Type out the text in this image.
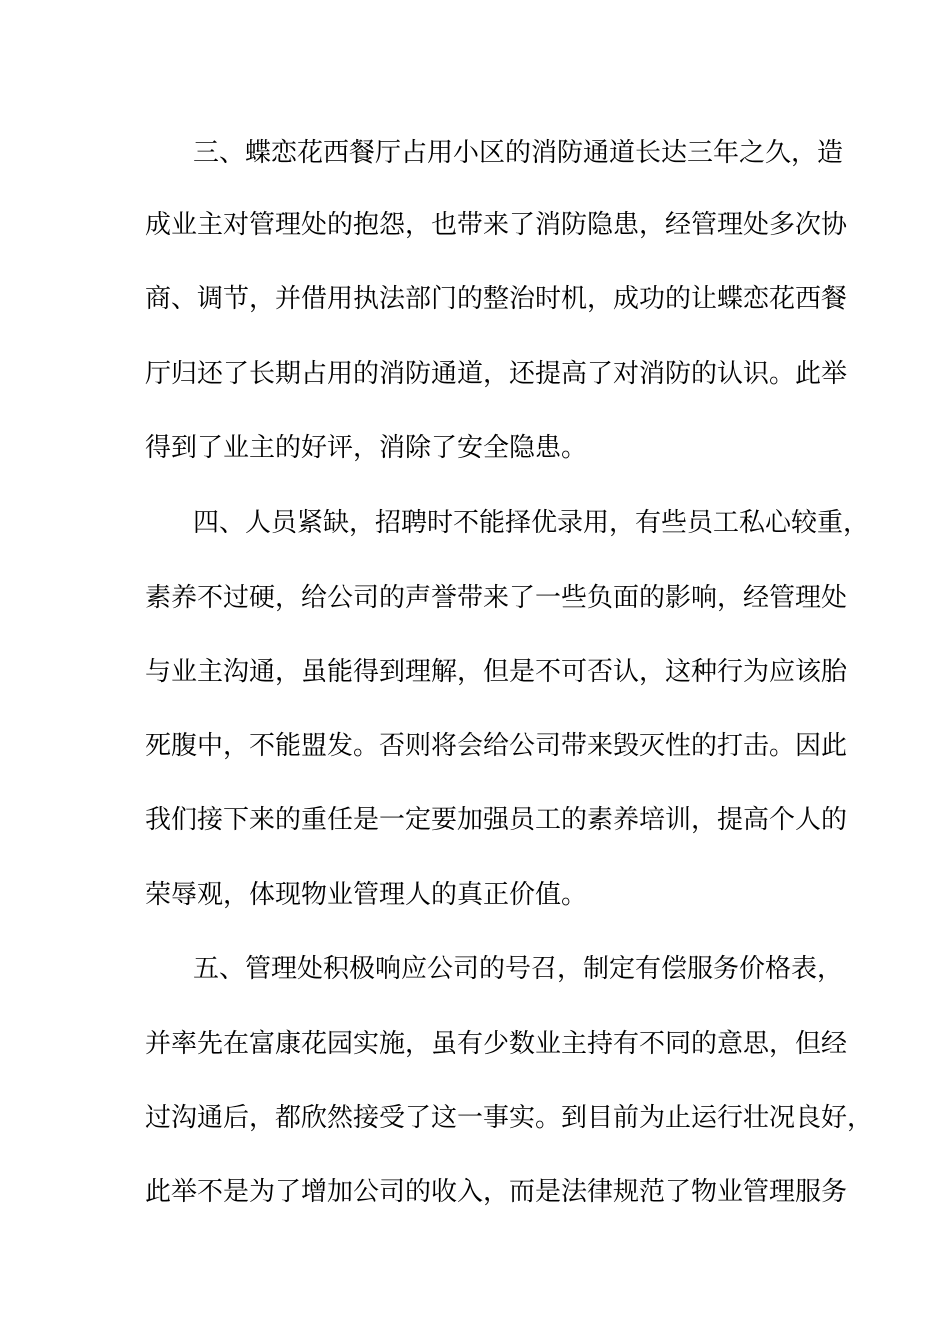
三、蝶恋花西餐厅占用小区的消防通道长达三年之久，造
成业主对管理处的抱怨，也带来了消防隐患，经管理处多次协
商、调节，并借用执法部门的整治时机，成功的让蝶恋花西餐
厅归还了长期占用的消防通道，还提高了对消防的认识。此举
得到了业主的好评，消除了安全隐患。
四、人员紧缺，招聘时不能择优录用，有些员工私心较重，
素养不过硬，给公司的声誉带来了一些负面的影响，经管理处
与业主沟通，虽能得到理解，但是不可否认，这种行为应该胎
死腹中，不能盟发。否则将会给公司带来毁灭性的打击。因此
我们接下来的重任是一定要加强员工的素养培训，提高个人的
荣辱观，体现物业管理人的真正价值。
五、管理处积极响应公司的号召，制定有偿服务价格表，
并率先在富康花园实施，虽有少数业主持有不同的意思，但经
过沟通后，都欣然接受了这一事实。到目前为止运行壮况良好，
此举不是为了增加公司的收入，而是法律规范了物业管理服务
